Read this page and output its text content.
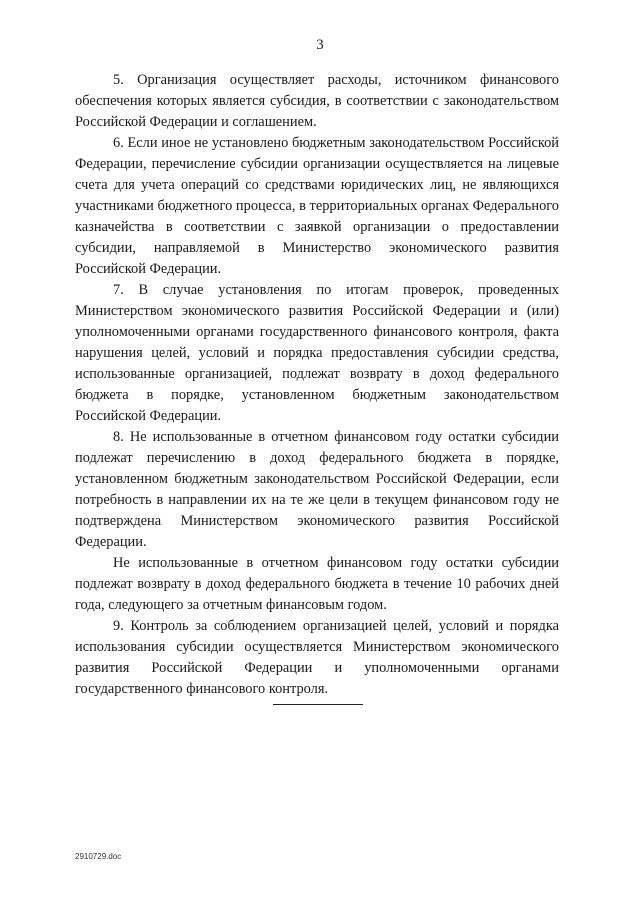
3

5. Организация осуществляет расходы, источником финансового обеспечения которых является субсидия, в соответствии с законодательством Российской Федерации и соглашением.

6. Если иное не установлено бюджетным законодательством Российской Федерации, перечисление субсидии организации осуществляется на лицевые счета для учета операций со средствами юридических лиц, не являющихся участниками бюджетного процесса, в территориальных органах Федерального казначейства в соответствии с заявкой организации о предоставлении субсидии, направляемой в Министерство экономического развития Российской Федерации.

7. В случае установления по итогам проверок, проведенных Министерством экономического развития Российской Федерации и (или) уполномоченными органами государственного финансового контроля, факта нарушения целей, условий и порядка предоставления субсидии средства, использованные организацией, подлежат возврату в доход федерального бюджета в порядке, установленном бюджетным законодательством Российской Федерации.

8. Не использованные в отчетном финансовом году остатки субсидии подлежат перечислению в доход федерального бюджета в порядке, установленном бюджетным законодательством Российской Федерации, если потребность в направлении их на те же цели в текущем финансовом году не подтверждена Министерством экономического развития Российской Федерации.

Не использованные в отчетном финансовом году остатки субсидии подлежат возврату в доход федерального бюджета в течение 10 рабочих дней года, следующего за отчетным финансовым годом.

9. Контроль за соблюдением организацией целей, условий и порядка использования субсидии осуществляется Министерством экономического развития Российской Федерации и уполномоченными органами государственного финансового контроля.

2910729.doc
